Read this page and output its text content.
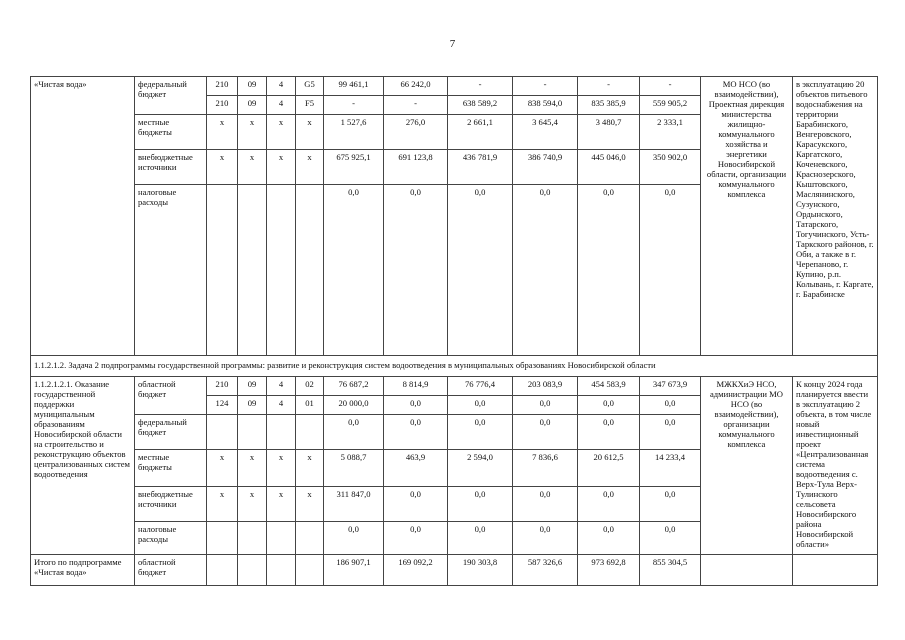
7
«Чистая вода»	федеральный бюджет	210	09	4	G5	99 461,1	66 242,0	-	-	-	-	МО НСО (во взаимодействии), Проектная дирекция министерства жилищно-коммунального хозяйства и энергетики Новосибирской области, организации коммунального комплекса	в эксплуатацию 20 объектов питьевого водоснабжения на территории Барабинского, Венгеровского, Карасукского, Каргатского, Коченевского, Краснозерского, Кыштовского, Маслянинского, Сузунского, Ордынского, Татарского, Тогучинского, Усть-Таркского районов, г. Оби, а также в г. Черепаново, г. Купино, р.п. Колывань, г. Каргате, г. Барабинске
		210	09	4	F5	-	-	638 589,2	838 594,0	835 385,9	559 905,2		
	местные бюджеты	x	x	x	x	1 527,6	276,0	2 661,1	3 645,4	3 480,7	2 333,1		
	внебюджетные источники	x	x	x	x	675 925,1	691 123,8	436 781,9	386 740,9	445 046,0	350 902,0		
	налоговые расходы					0,0	0,0	0,0	0,0	0,0	0,0		
1.1.2.1.2. Задача 2 подпрограммы государственной программы: развитие и реконструкция систем водоотведения в муниципальных образованиях Новосибирской области													
1.1.2.1.2.1. Оказание государственной поддержки муниципальным образованиям Новосибирской области на строительство и реконструкцию объектов централизованных систем водоотведения	областной бюджет	210	09	4	02	76 687,2	8 814,9	76 776,4	203 083,9	454 583,9	347 673,9	МЖКХиЭ НСО, администрации МО НСО (во взаимодействии), организации коммунального комплекса	К концу 2024 года планируется ввести в эксплуатацию 2 объекта, в том числе новый инвестиционный проект «Централизованная система водоотведения с. Верх-Тула Верх-Тулинского сельсовета Новосибирского района Новосибирской области»
		124	09	4	01	20 000,0	0,0	0,0	0,0	0,0	0,0		
	федеральный бюджет					0,0	0,0	0,0	0,0	0,0	0,0		
	местные бюджеты	x	x	x	x	5 088,7	463,9	2 594,0	7 836,6	20 612,5	14 233,4		
	внебюджетные источники	x	x	x	x	311 847,0	0,0	0,0	0,0	0,0	0,0		
	налоговые расходы					0,0	0,0	0,0	0,0	0,0	0,0		
Итого по подпрограмме «Чистая вода»	областной бюджет					186 907,1	169 092,2	190 303,8	587 326,6	973 692,8	855 304,5		
